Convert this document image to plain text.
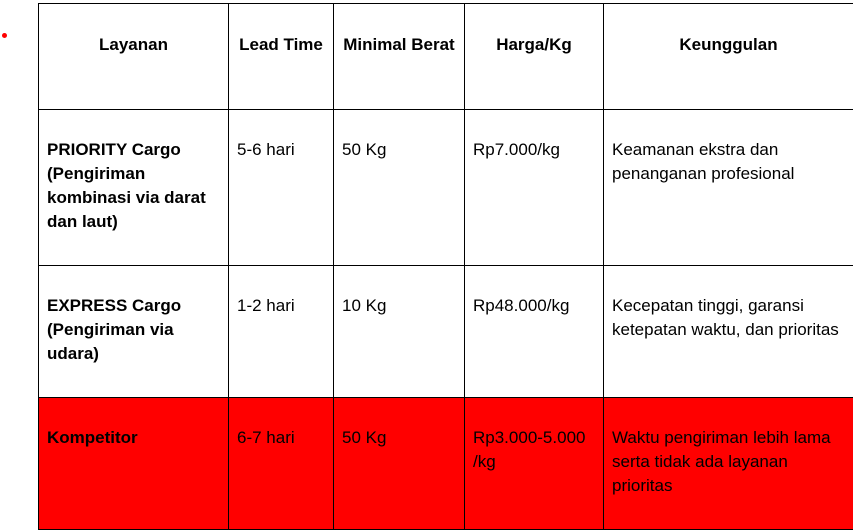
Layanan	Lead Time	Minimal Berat	Harga/Kg	Keunggulan
PRIORITY Cargo (Pengiriman kombinasi via darat dan laut)	5-6 hari	50 Kg	Rp7.000/kg	Keamanan ekstra dan penanganan profesional
EXPRESS Cargo (Pengiriman via udara)	1-2 hari	10 Kg	Rp48.000/kg	Kecepatan tinggi, garansi ketepatan waktu, dan prioritas
Kompetitor	6-7 hari	50 Kg	Rp3.000-5.000 /kg	Waktu pengiriman lebih lama serta tidak ada layanan prioritas
